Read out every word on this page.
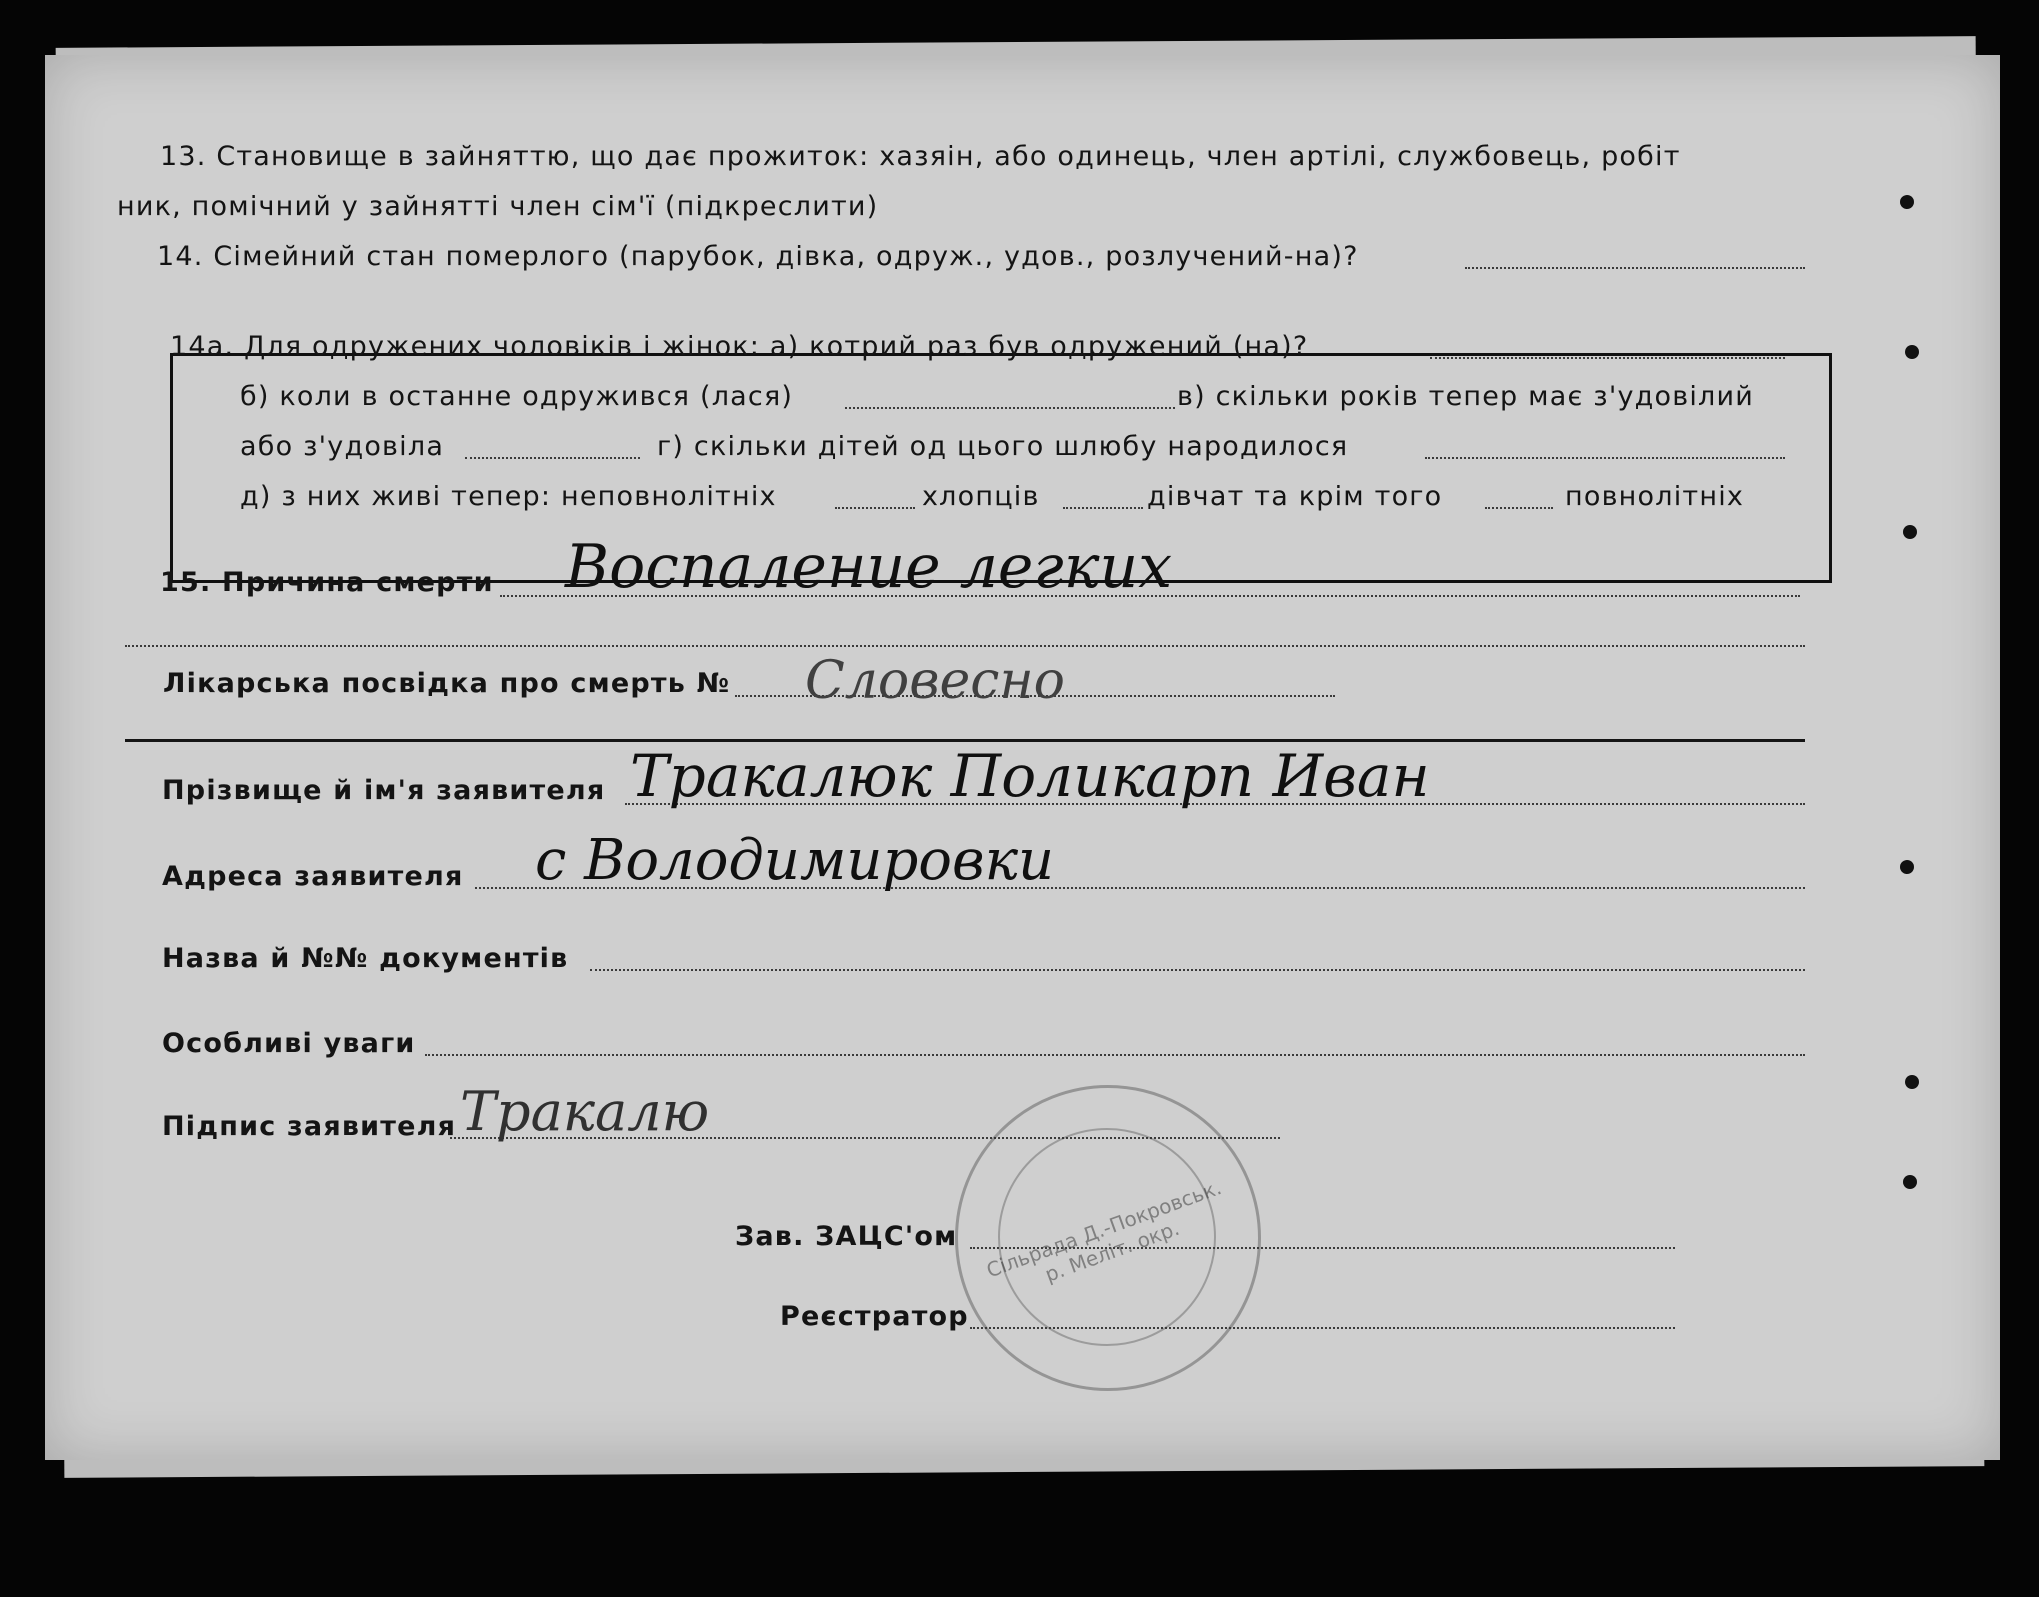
13. Становище в зайняттю, що дає прожиток: хазяін, або одинець, член артілі, службовець, робіт
ник, помічний у зайнятті член сім'ї (підкреслити)
14. Сімейний стан померлого (парубок, дівка, одруж., удов., розлучений-на)?
14а. Для одружених чоловіків і жінок: а) котрий раз був одружений (на)?
б) коли в останне одружився (лася)	в) скільки років тепер має з'удовілий
або з'удовіла	г) скільки дітей од цього шлюбу народилося
д) з них живі тепер: неповнолітніх	хлопців	дівчат та крім того	повнолітніх
15. Причина смерти Воспаление легких
Лікарська посвідка про смерть № Словесно
Прізвище й ім'я заявителя Тракалюк Поликарп Иван
Адреса заявителя с Володимировки
Назва й №№ документів
Особливі уваги
Підпис заявителя Тракалю
Сільрада Д.-Покровськ. р. Меліт. окр.
Зав. ЗАЦС'ом
Реєстратор
